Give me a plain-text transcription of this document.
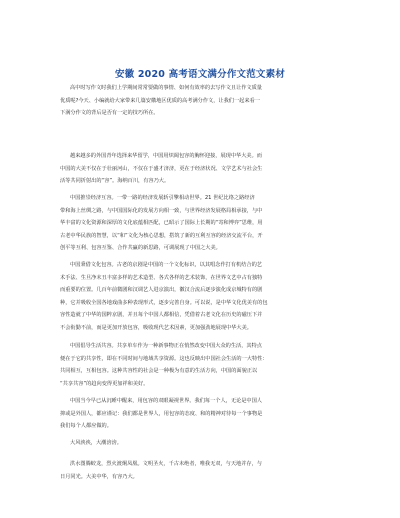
安徽 2020 高考语文满分作文范文素材
高中时写作文时我们上学期间常常要做的事情、如何有效率的去写作文且让作文质量
优质呢?今天、小编就给大家带来几篇安徽地区优质的高考满分作文，让我们一起来看一
下满分作文的背后是否有一定的技巧所在。
越来越多的外国青年选择来华留学，中国用炽阔包容的胸怀迎接，展现中华大美。而
中国的大美不仅在于壮丽河山，不仅在于盛才济济，更在于经济状况、文学艺术与社会生
活等共同折射出的“容”。海纳百川，有容乃大。
中国推崇经济互容。一带一路的经济发展斩引擎相动世界。21 世纪比络之路经济
带和海上丝绸之路，与中国国际化的发展方向相一致，与世界经济发展格局相承接，与中
华丰富的文化资源和深厚的文化底蕴相匹配，已昭示了国际上长期的“寄和博弈”思维，用
古老中华民族的智慧，以“和”文化为核心思想，搭筑了新的互利互容的经济交流平台，开
创平等互利、包容互鉴、合作共赢的新思路，可调展现了中国之大美。
中国秉借文化包容。古老的京剧是中国的一个文化标识，以其唱念作打有机结合的艺
术手法、生旦净末丑丰富多样的艺术造型、各式各样的艺术装饰，在世界文艺中占有独特
而重要的位置。几百年前微剧和汉调艺人进京演出，徽汉合流后逐步演化成京城特有的剧
种，它并吸收全国各地戏曲多种表现形式，逐步完善自身。可以说，是中华文化优美有的包
容性造就了中华的国粹京剧，并且每个中国人都相信，凭借着古老文化在历史的磁压下并
不会衔勤不前，而是更加开放包容，吸收现代艺术因素，更加强劲地展现中华大美。
中国倡导生活共容。共享单车作为一种新事物正在悄然改变中国大众的生活，其特点
便在于它的共享性，即在不同时间与地域共享资源。这也反映出中国社会生活的一大特性：
共同相互，互相包容。这种共容性的社会是一种极为有意的生活方向，中国的面貌正以
“共享共容”的趋向变得更加祥和美好。
中国当今早已从沉睡中醒来，用包容的双眼凝视世界。我们每一个人，无论是中国人
抑或是外国人，都应谨记：我们都是世界人，用包容的态度、和的精神对待每一个事物是
我们每个人都应做的。
大风泱泱，大潮滂滂。
洪水图腾蛟龙，烈火渡炯凤凰。文明圣火，千古未绝者，唯我无双，与天地并存，与
日月同光。大美中华，有容乃大。
